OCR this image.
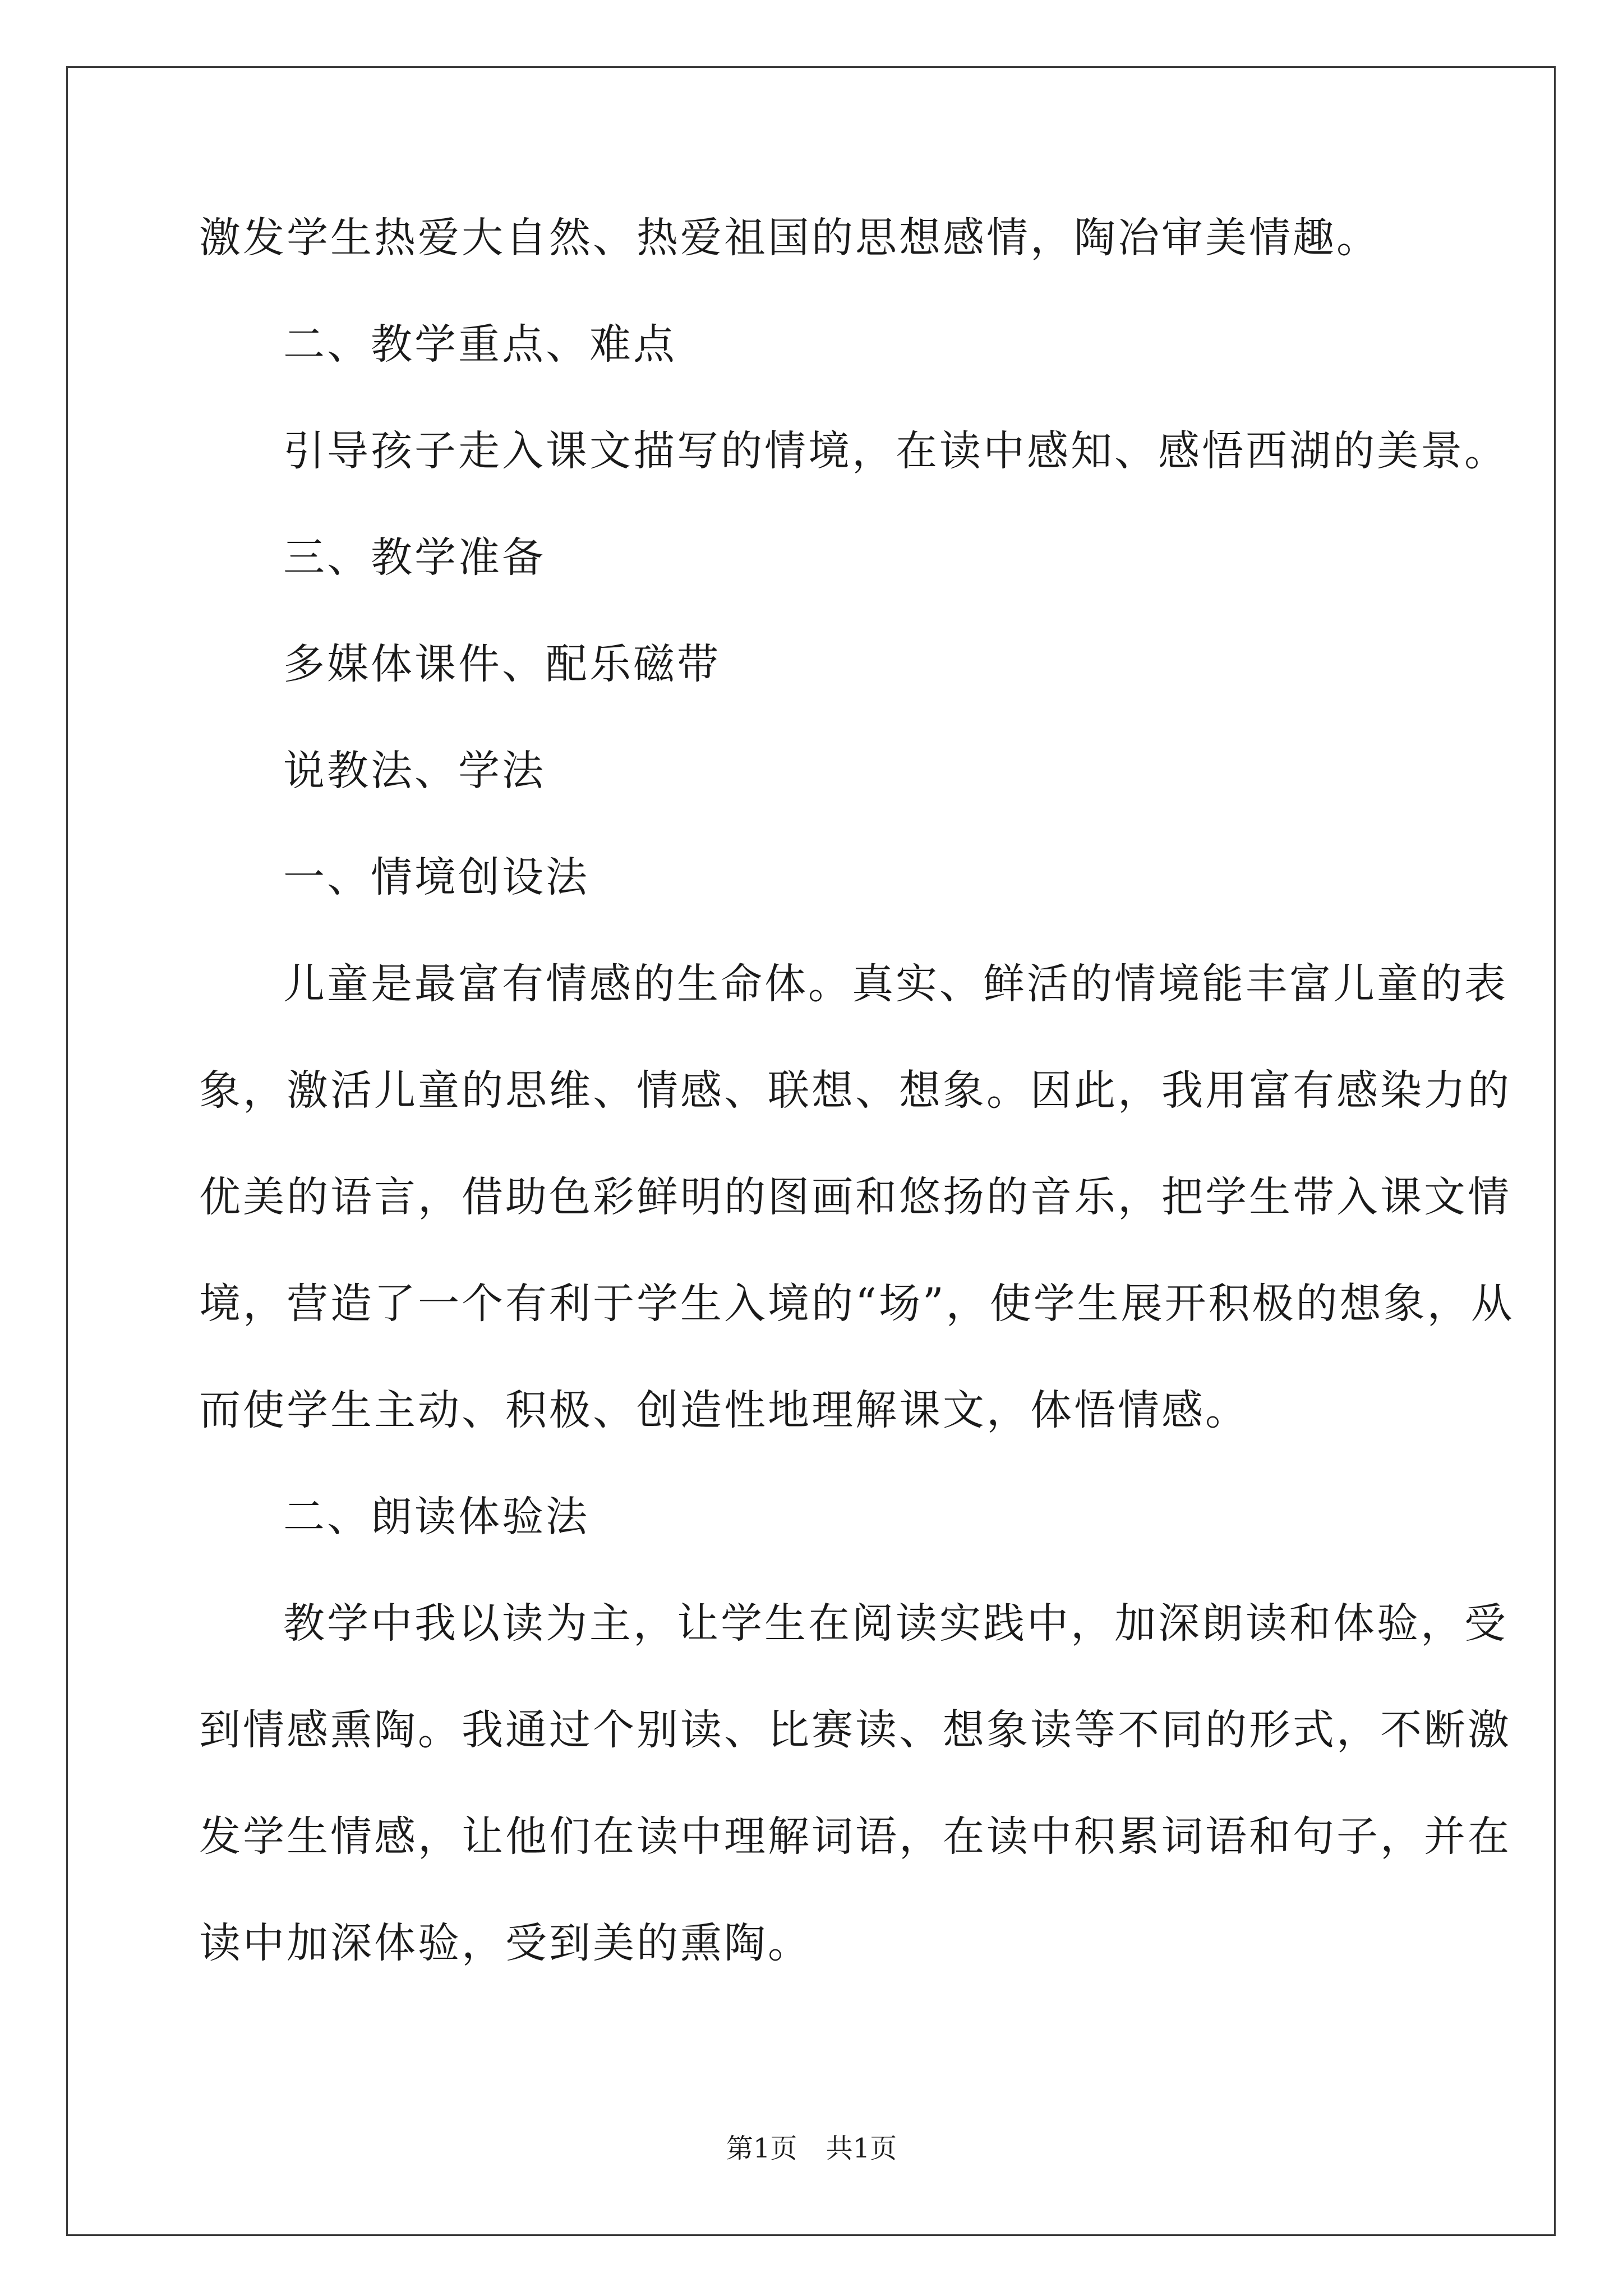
激发学生热爱大自然、热爱祖国的思想感情，陶冶审美情趣。
二、教学重点、难点
引导孩子走入课文描写的情境，在读中感知、感悟西湖的美景。
三、教学准备
多媒体课件、配乐磁带
说教法、学法
一、情境创设法
儿童是最富有情感的生命体。真实、鲜活的情境能丰富儿童的表
象，激活儿童的思维、情感、联想、想象。因此，我用富有感染力的
优美的语言，借助色彩鲜明的图画和悠扬的音乐，把学生带入课文情
境，营造了一个有利于学生入境的“场”，使学生展开积极的想象，从
而使学生主动、积极、创造性地理解课文，体悟情感。
二、朗读体验法
教学中我以读为主，让学生在阅读实践中，加深朗读和体验，受
到情感熏陶。我通过个别读、比赛读、想象读等不同的形式，不断激
发学生情感，让他们在读中理解词语，在读中积累词语和句子，并在
读中加深体验，受到美的熏陶。
第1页 共1页
